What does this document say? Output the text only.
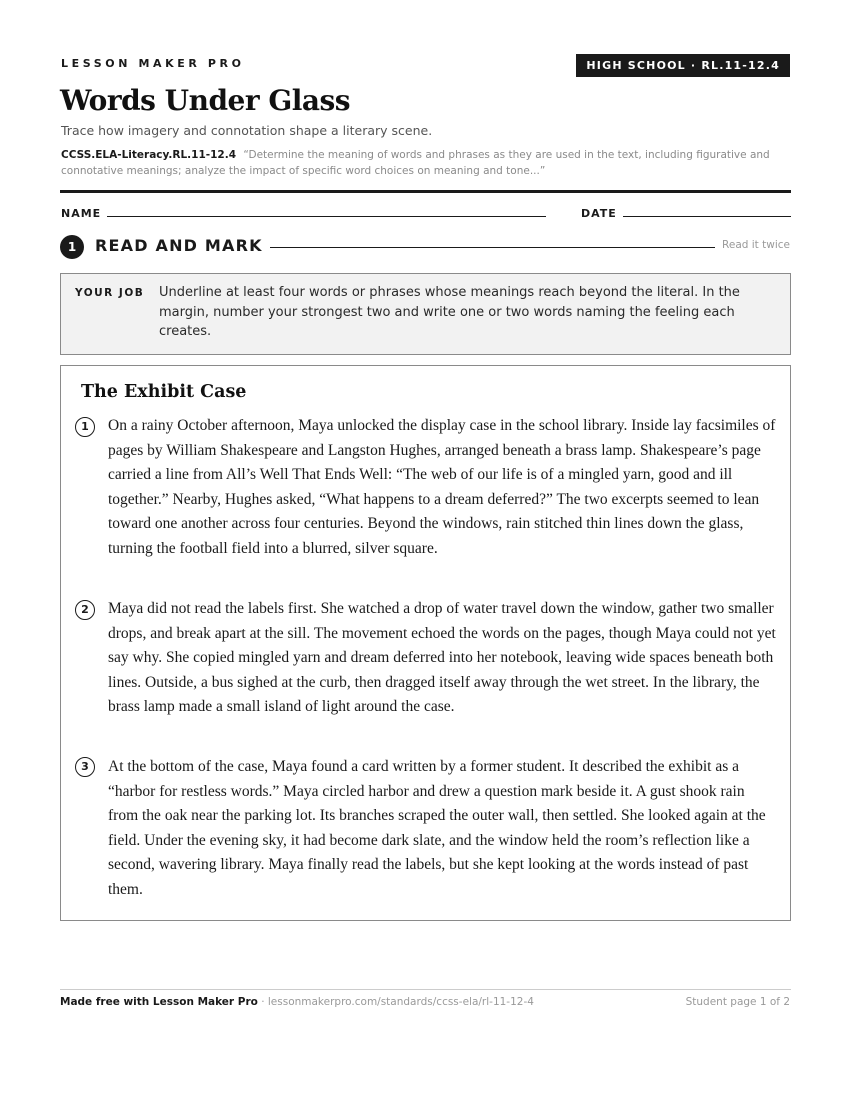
LESSON MAKER PRO	HIGH SCHOOL · RL.11-12.4
Words Under Glass
Trace how imagery and connotation shape a literary scene.
CCSS.ELA-Literacy.RL.11-12.4 “Determine the meaning of words and phrases as they are used in the text, including figurative and connotative meanings; analyze the impact of specific word choices on meaning and tone...”
NAME	DATE
1	READ AND MARK	Read it twice
YOUR JOB Underline at least four words or phrases whose meanings reach beyond the literal. In the margin, number your strongest two and write one or two words naming the feeling each creates.
The Exhibit Case
1	On a rainy October afternoon, Maya unlocked the display case in the school library. Inside lay facsimiles of pages by William Shakespeare and Langston Hughes, arranged beneath a brass lamp. Shakespeare’s page carried a line from All’s Well That Ends Well: “The web of our life is of a mingled yarn, good and ill together.” Nearby, Hughes asked, “What happens to a dream deferred?” The two excerpts seemed to lean toward one another across four centuries. Beyond the windows, rain stitched thin lines down the glass, turning the football field into a blurred, silver square.

2	Maya did not read the labels first. She watched a drop of water travel down the window, gather two smaller drops, and break apart at the sill. The movement echoed the words on the pages, though Maya could not yet say why. She copied mingled yarn and dream deferred into her notebook, leaving wide spaces beneath both lines. Outside, a bus sighed at the curb, then dragged itself away through the wet street. In the library, the brass lamp made a small island of light around the case.

3	At the bottom of the case, Maya found a card written by a former student. It described the exhibit as a “harbor for restless words.” Maya circled harbor and drew a question mark beside it. A gust shook rain from the oak near the parking lot. Its branches scraped the outer wall, then settled. She looked again at the field. Under the evening sky, it had become dark slate, and the window held the room’s reflection like a second, wavering library. Maya finally read the labels, but she kept looking at the words instead of past them.

Made free with Lesson Maker Pro · lessonmakerpro.com/standards/ccss-ela/rl-11-12-4	Student page 1 of 2
